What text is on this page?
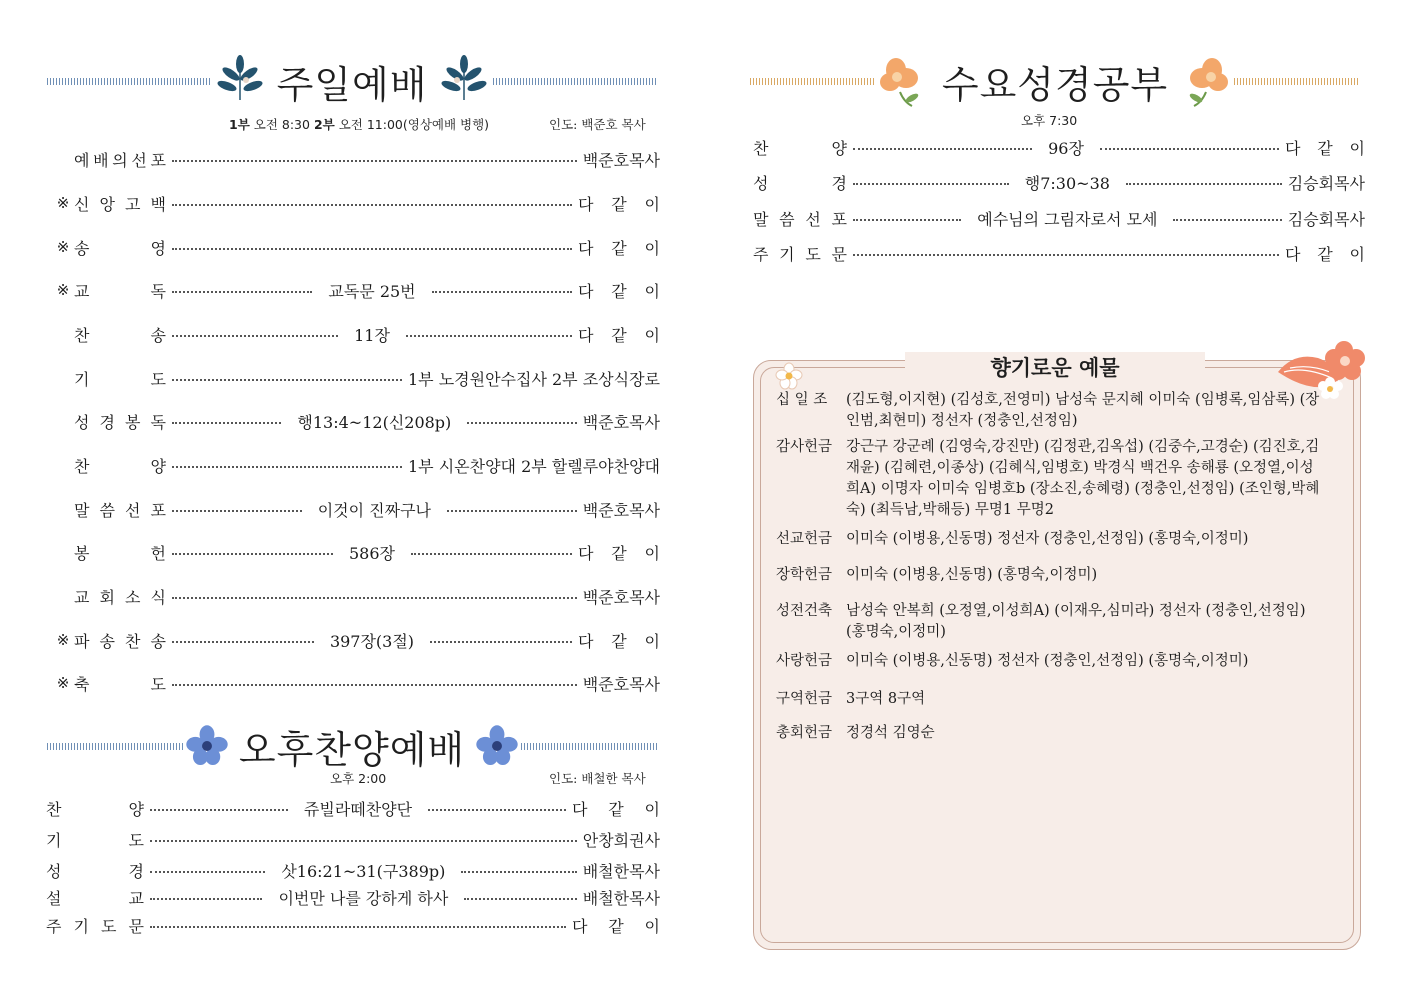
주일예배
1부 오전 8:30 2부 오전 11:00(영상예배 병행)	인도: 백준호 목사
예 배 의 선 포	백준호목사
※ 신 앙 고 백	다 같 이
※ 송	영	다 같 이
※ 교	독	교독문 25번	다 같 이
찬	송	11장	다 같 이
기	도	1부 노경원안수집사 2부 조상식장로
성 경 봉 독	행13:4~12(신208p)	백준호목사
찬	양	1부 시온찬양대 2부 할렐루야찬양대
말 씀 선 포	이것이 진짜구나	백준호목사
봉	헌	586장	다 같 이
교 회 소 식	백준호목사
※ 파 송 찬 송	397장(3절)	다 같 이
※ 축	도	백준호목사
오후찬양예배
오후 2:00	인도: 배철한 목사
찬	양	쥬빌라떼찬양단	다 같 이
기	도	안창희권사
성	경	삿16:21~31(구389p)	배철한목사
설	교	이번만 나를 강하게 하사	배철한목사
주 기 도 문	다 같 이
수요성경공부
오후 7:30
찬	양	96장	다 같 이
성	경	행7:30~38	김승회목사
말 씀 선 포	예수님의 그림자로서 모세	김승회목사
주 기 도 문	다 같 이
향기로운 예물
십 일 조	(김도형,이지현) (김성호,전영미) 남성숙 문지혜 이미숙 (임병록,임삼록) (장인범,최현미) 정선자 (정충인,선정임)
감사헌금 강근구 강군례 (김영숙,강진만) (김정관,김옥섭) (김중수,고경순) (김진호,김재윤) (김혜련,이종상) (김혜식,임병호) 박경식 백건우 송해룡 (오정열,이성희A) 이명자 이미숙 임병호b (장소진,송혜령) (정충인,선정임) (조인형,박혜숙) (최득남,박해등) 무명1 무명2
선교헌금 이미숙 (이병용,신동명) 정선자 (정충인,선정임) (홍명숙,이정미)
장학헌금 이미숙 (이병용,신동명) (홍명숙,이정미)
성전건축 남성숙 안복희 (오정열,이성희A) (이재우,심미라) 정선자 (정충인,선정임) (홍명숙,이정미)
사랑헌금 이미숙 (이병용,신동명) 정선자 (정충인,선정임) (홍명숙,이정미)
구역헌금 3구역 8구역
총회헌금 정경석 김영순
